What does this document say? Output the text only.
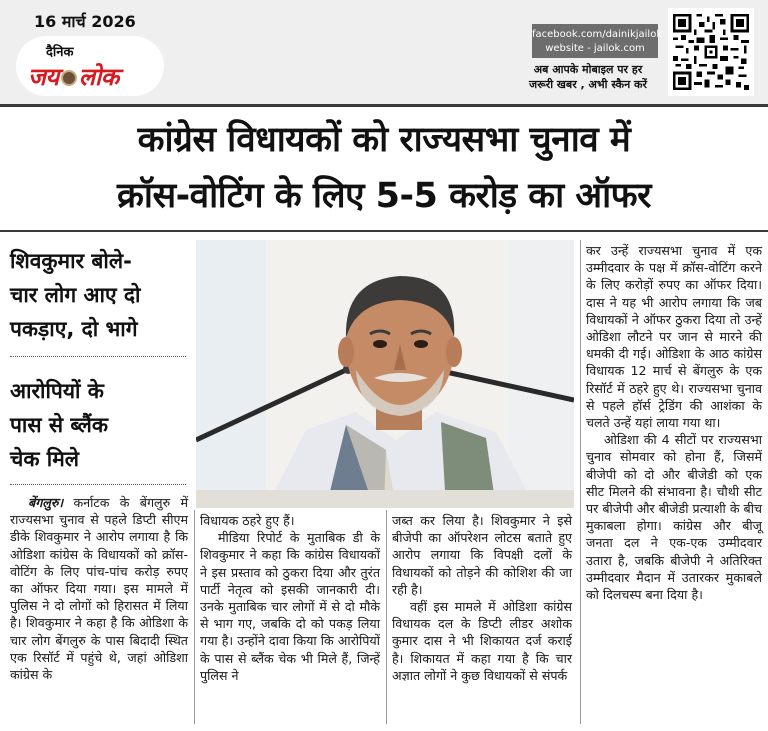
16 मार्च 2026
दैनिक
जय लोक
facebook.com/dainikjailok
website - jailok.com
अब आपके मोबाइल पर हर
जरूरी खबर , अभी स्कैन करें
कांग्रेस विधायकों को राज्यसभा चुनाव में
क्रॉस-वोटिंग के लिए 5-5 करोड़ का ऑफर
शिवकुमार बोले-
चार लोग आए दो
पकड़ाए, दो भागे
आरोपियों के
पास से ब्लैंक
चेक मिले

बेंगलुरु। कर्नाटक के बेंगलुरु में राज्यसभा चुनाव से पहले डिप्टी सीएम डीके शिवकुमार ने आरोप लगाया है कि ओडिशा कांग्रेस के विधायकों को क्रॉस-वोटिंग के लिए पांच-पांच करोड़ रुपए का ऑफर दिया गया। इस मामले में पुलिस ने दो लोगों को हिरासत में लिया है। शिवकुमार ने कहा है कि ओडिशा के चार लोग बेंगलुरु के पास बिदादी स्थित एक रिसॉर्ट में पहुंचे थे, जहां ओडिशा कांग्रेस के

विधायक ठहरे हुए हैं।

मीडिया रिपोर्ट के मुताबिक डी के शिवकुमार ने कहा कि कांग्रेस विधायकों ने इस प्रस्ताव को ठुकरा दिया और तुरंत पार्टी नेतृत्व को इसकी जानकारी दी। उनके मुताबिक चार लोगों में से दो मौके से भाग गए, जबकि दो को पकड़ लिया गया है। उन्होंने दावा किया कि आरोपियों के पास से ब्लैंक चेक भी मिले हैं, जिन्हें पुलिस ने

जब्त कर लिया है। शिवकुमार ने इसे बीजेपी का ऑपरेशन लोटस बताते हुए आरोप लगाया कि विपक्षी दलों के विधायकों को तोड़ने की कोशिश की जा रही है।

वहीं इस मामले में ओडिशा कांग्रेस विधायक दल के डिप्टी लीडर अशोक कुमार दास ने भी शिकायत दर्ज कराई है। शिकायत में कहा गया है कि चार अज्ञात लोगों ने कुछ विधायकों से संपर्क

कर उन्हें राज्यसभा चुनाव में एक उम्मीदवार के पक्ष में क्रॉस-वोटिंग करने के लिए करोड़ों रुपए का ऑफर दिया। दास ने यह भी आरोप लगाया कि जब विधायकों ने ऑफर ठुकरा दिया तो उन्हें ओडिशा लौटने पर जान से मारने की धमकी दी गई। ओडिशा के आठ कांग्रेस विधायक 12 मार्च से बेंगलुरु के एक रिसॉर्ट में ठहरे हुए थे। राज्यसभा चुनाव से पहले हॉर्स ट्रेडिंग की आशंका के चलते उन्हें यहां लाया गया था।

ओडिशा की 4 सीटों पर राज्यसभा चुनाव सोमवार को होना हैं, जिसमें बीजेपी को दो और बीजेडी को एक सीट मिलने की संभावना है। चौथी सीट पर बीजेपी और बीजेडी प्रत्याशी के बीच मुकाबला होगा। कांग्रेस और बीजू जनता दल ने एक-एक उम्मीदवार उतारा है, जबकि बीजेपी ने अतिरिक्त उम्मीदवार मैदान में उतारकर मुकाबले को दिलचस्प बना दिया है।
